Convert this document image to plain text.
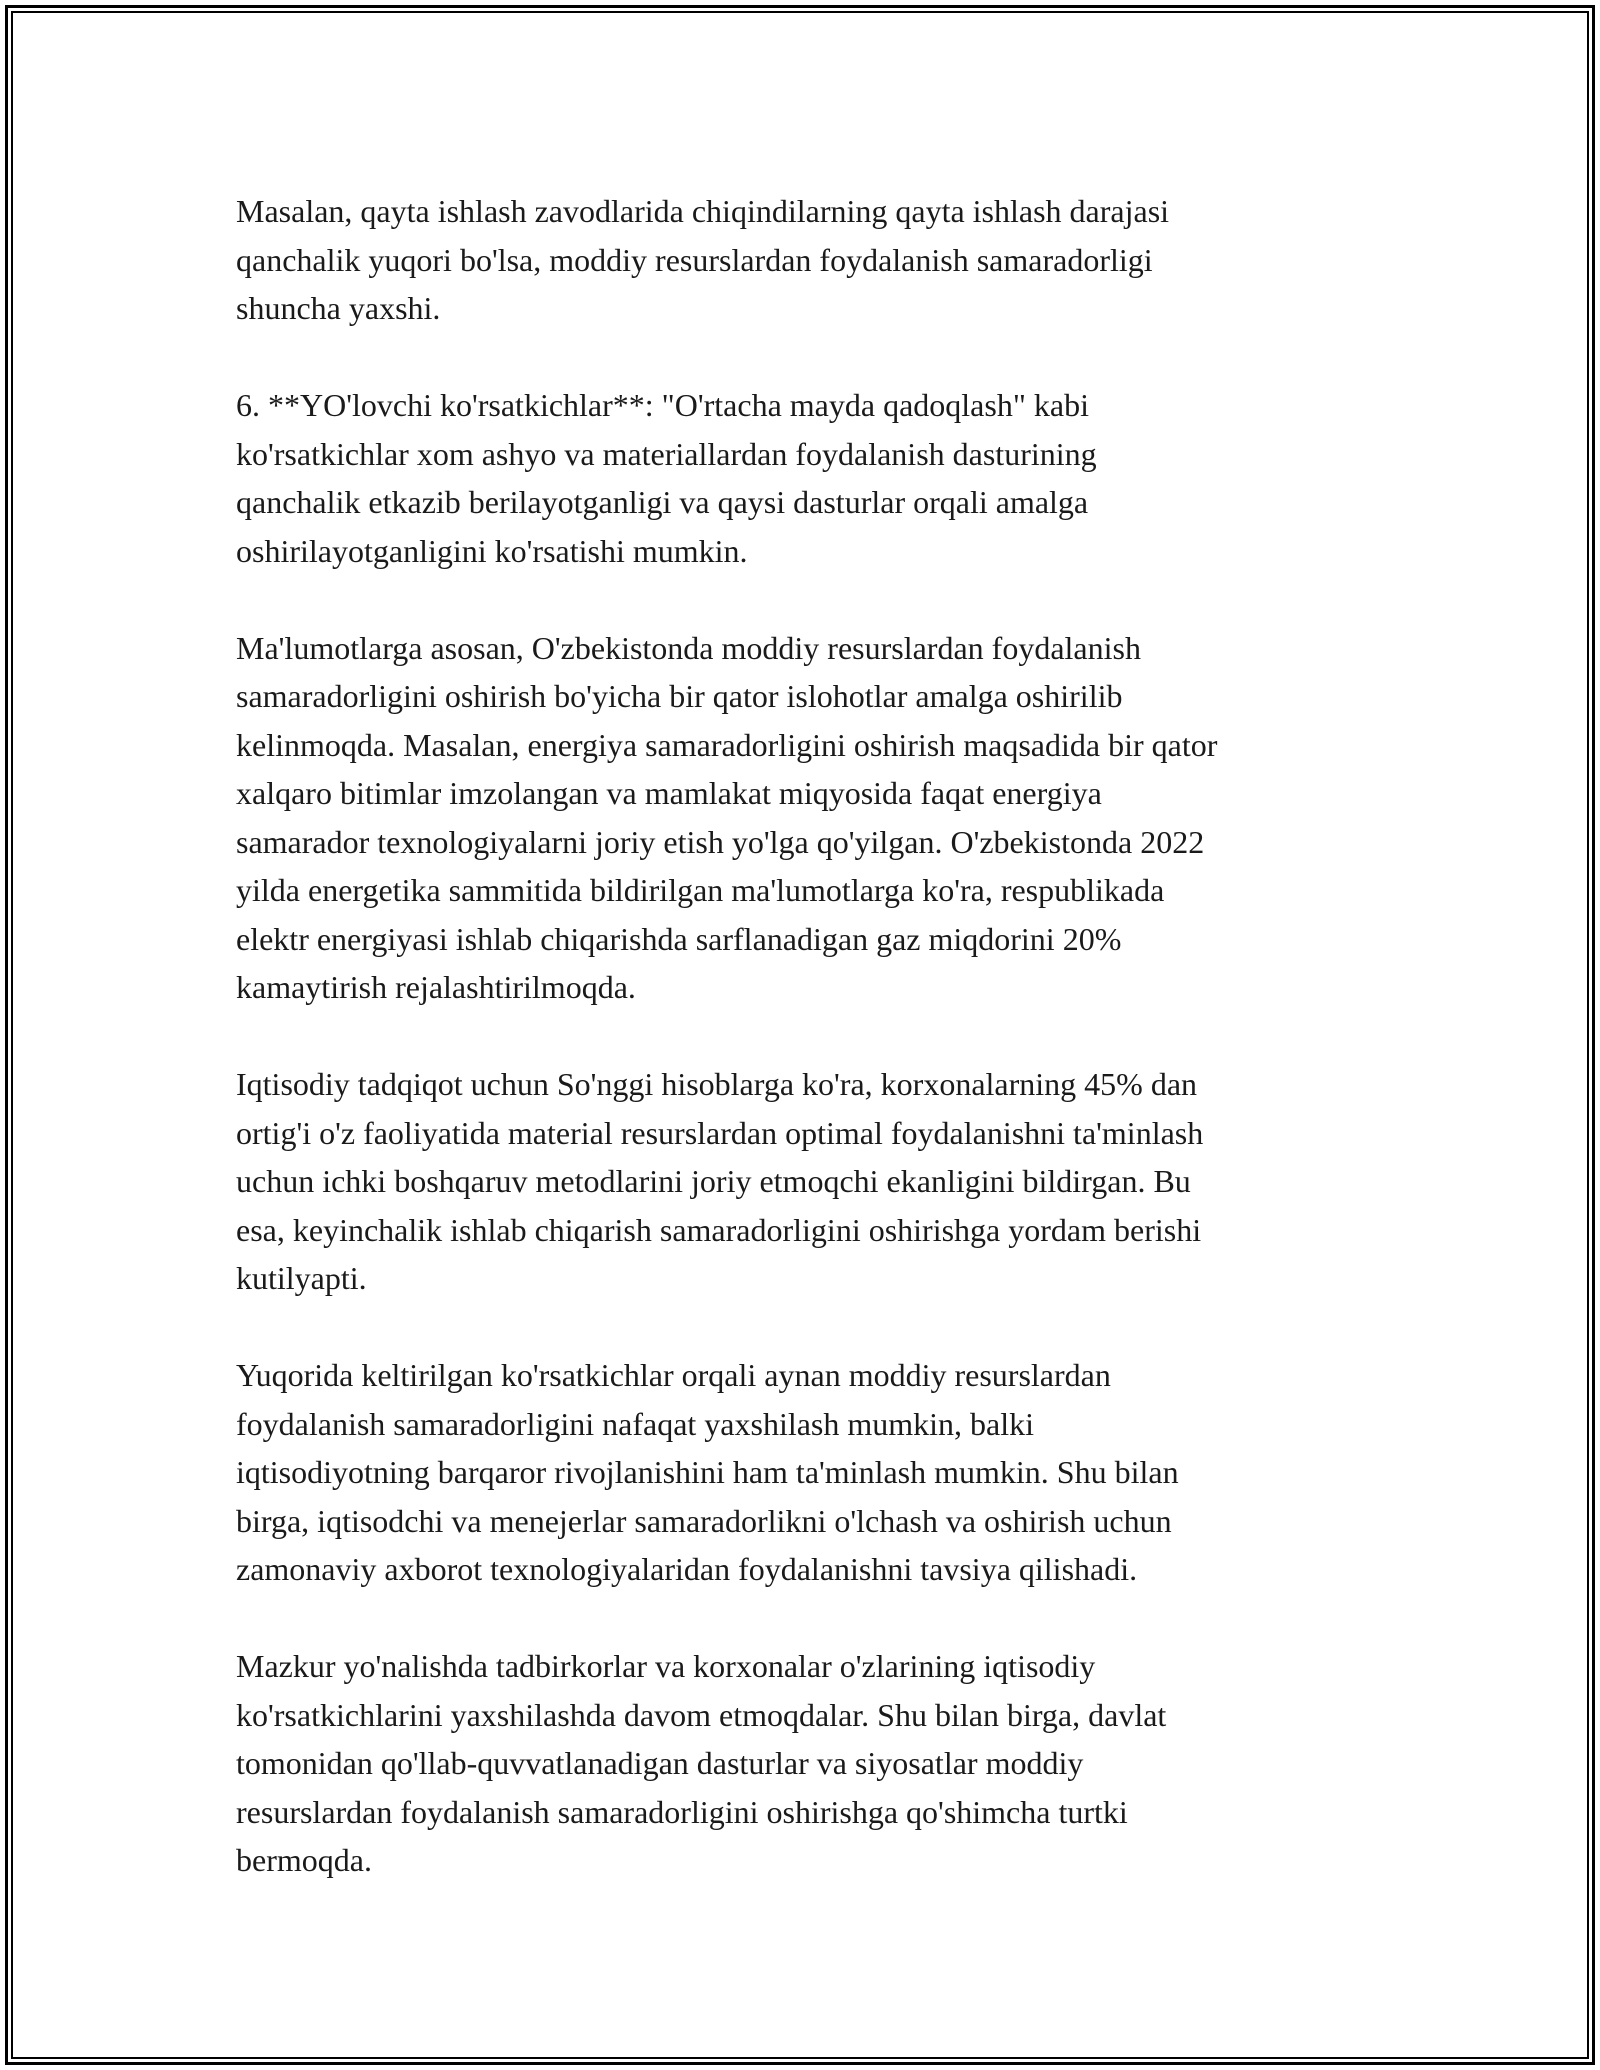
Masalan, qayta ishlash zavodlarida chiqindilarning qayta ishlash darajasi
qanchalik yuqori bo'lsa, moddiy resurslardan foydalanish samaradorligi
shuncha yaxshi.

6. **YO'lovchi ko'rsatkichlar**: "O'rtacha mayda qadoqlash" kabi
ko'rsatkichlar xom ashyo va materiallardan foydalanish dasturining
qanchalik etkazib berilayotganligi va qaysi dasturlar orqali amalga
oshirilayotganligini ko'rsatishi mumkin.

Ma'lumotlarga asosan, O'zbekistonda moddiy resurslardan foydalanish
samaradorligini oshirish bo'yicha bir qator islohotlar amalga oshirilib
kelinmoqda. Masalan, energiya samaradorligini oshirish maqsadida bir qator
xalqaro bitimlar imzolangan va mamlakat miqyosida faqat energiya
samarador texnologiyalarni joriy etish yo'lga qo'yilgan. O'zbekistonda 2022
yilda energetika sammitida bildirilgan ma'lumotlarga ko'ra, respublikada
elektr energiyasi ishlab chiqarishda sarflanadigan gaz miqdorini 20%
kamaytirish rejalashtirilmoqda.

Iqtisodiy tadqiqot uchun So'nggi hisoblarga ko'ra, korxonalarning 45% dan
ortig'i o'z faoliyatida material resurslardan optimal foydalanishni ta'minlash
uchun ichki boshqaruv metodlarini joriy etmoqchi ekanligini bildirgan. Bu
esa, keyinchalik ishlab chiqarish samaradorligini oshirishga yordam berishi
kutilyapti.

Yuqorida keltirilgan ko'rsatkichlar orqali aynan moddiy resurslardan
foydalanish samaradorligini nafaqat yaxshilash mumkin, balki
iqtisodiyotning barqaror rivojlanishini ham ta'minlash mumkin. Shu bilan
birga, iqtisodchi va menejerlar samaradorlikni o'lchash va oshirish uchun
zamonaviy axborot texnologiyalaridan foydalanishni tavsiya qilishadi.

Mazkur yo'nalishda tadbirkorlar va korxonalar o'zlarining iqtisodiy
ko'rsatkichlarini yaxshilashda davom etmoqdalar. Shu bilan birga, davlat
tomonidan qo'llab-quvvatlanadigan dasturlar va siyosatlar moddiy
resurslardan foydalanish samaradorligini oshirishga qo'shimcha turtki
bermoqda.
